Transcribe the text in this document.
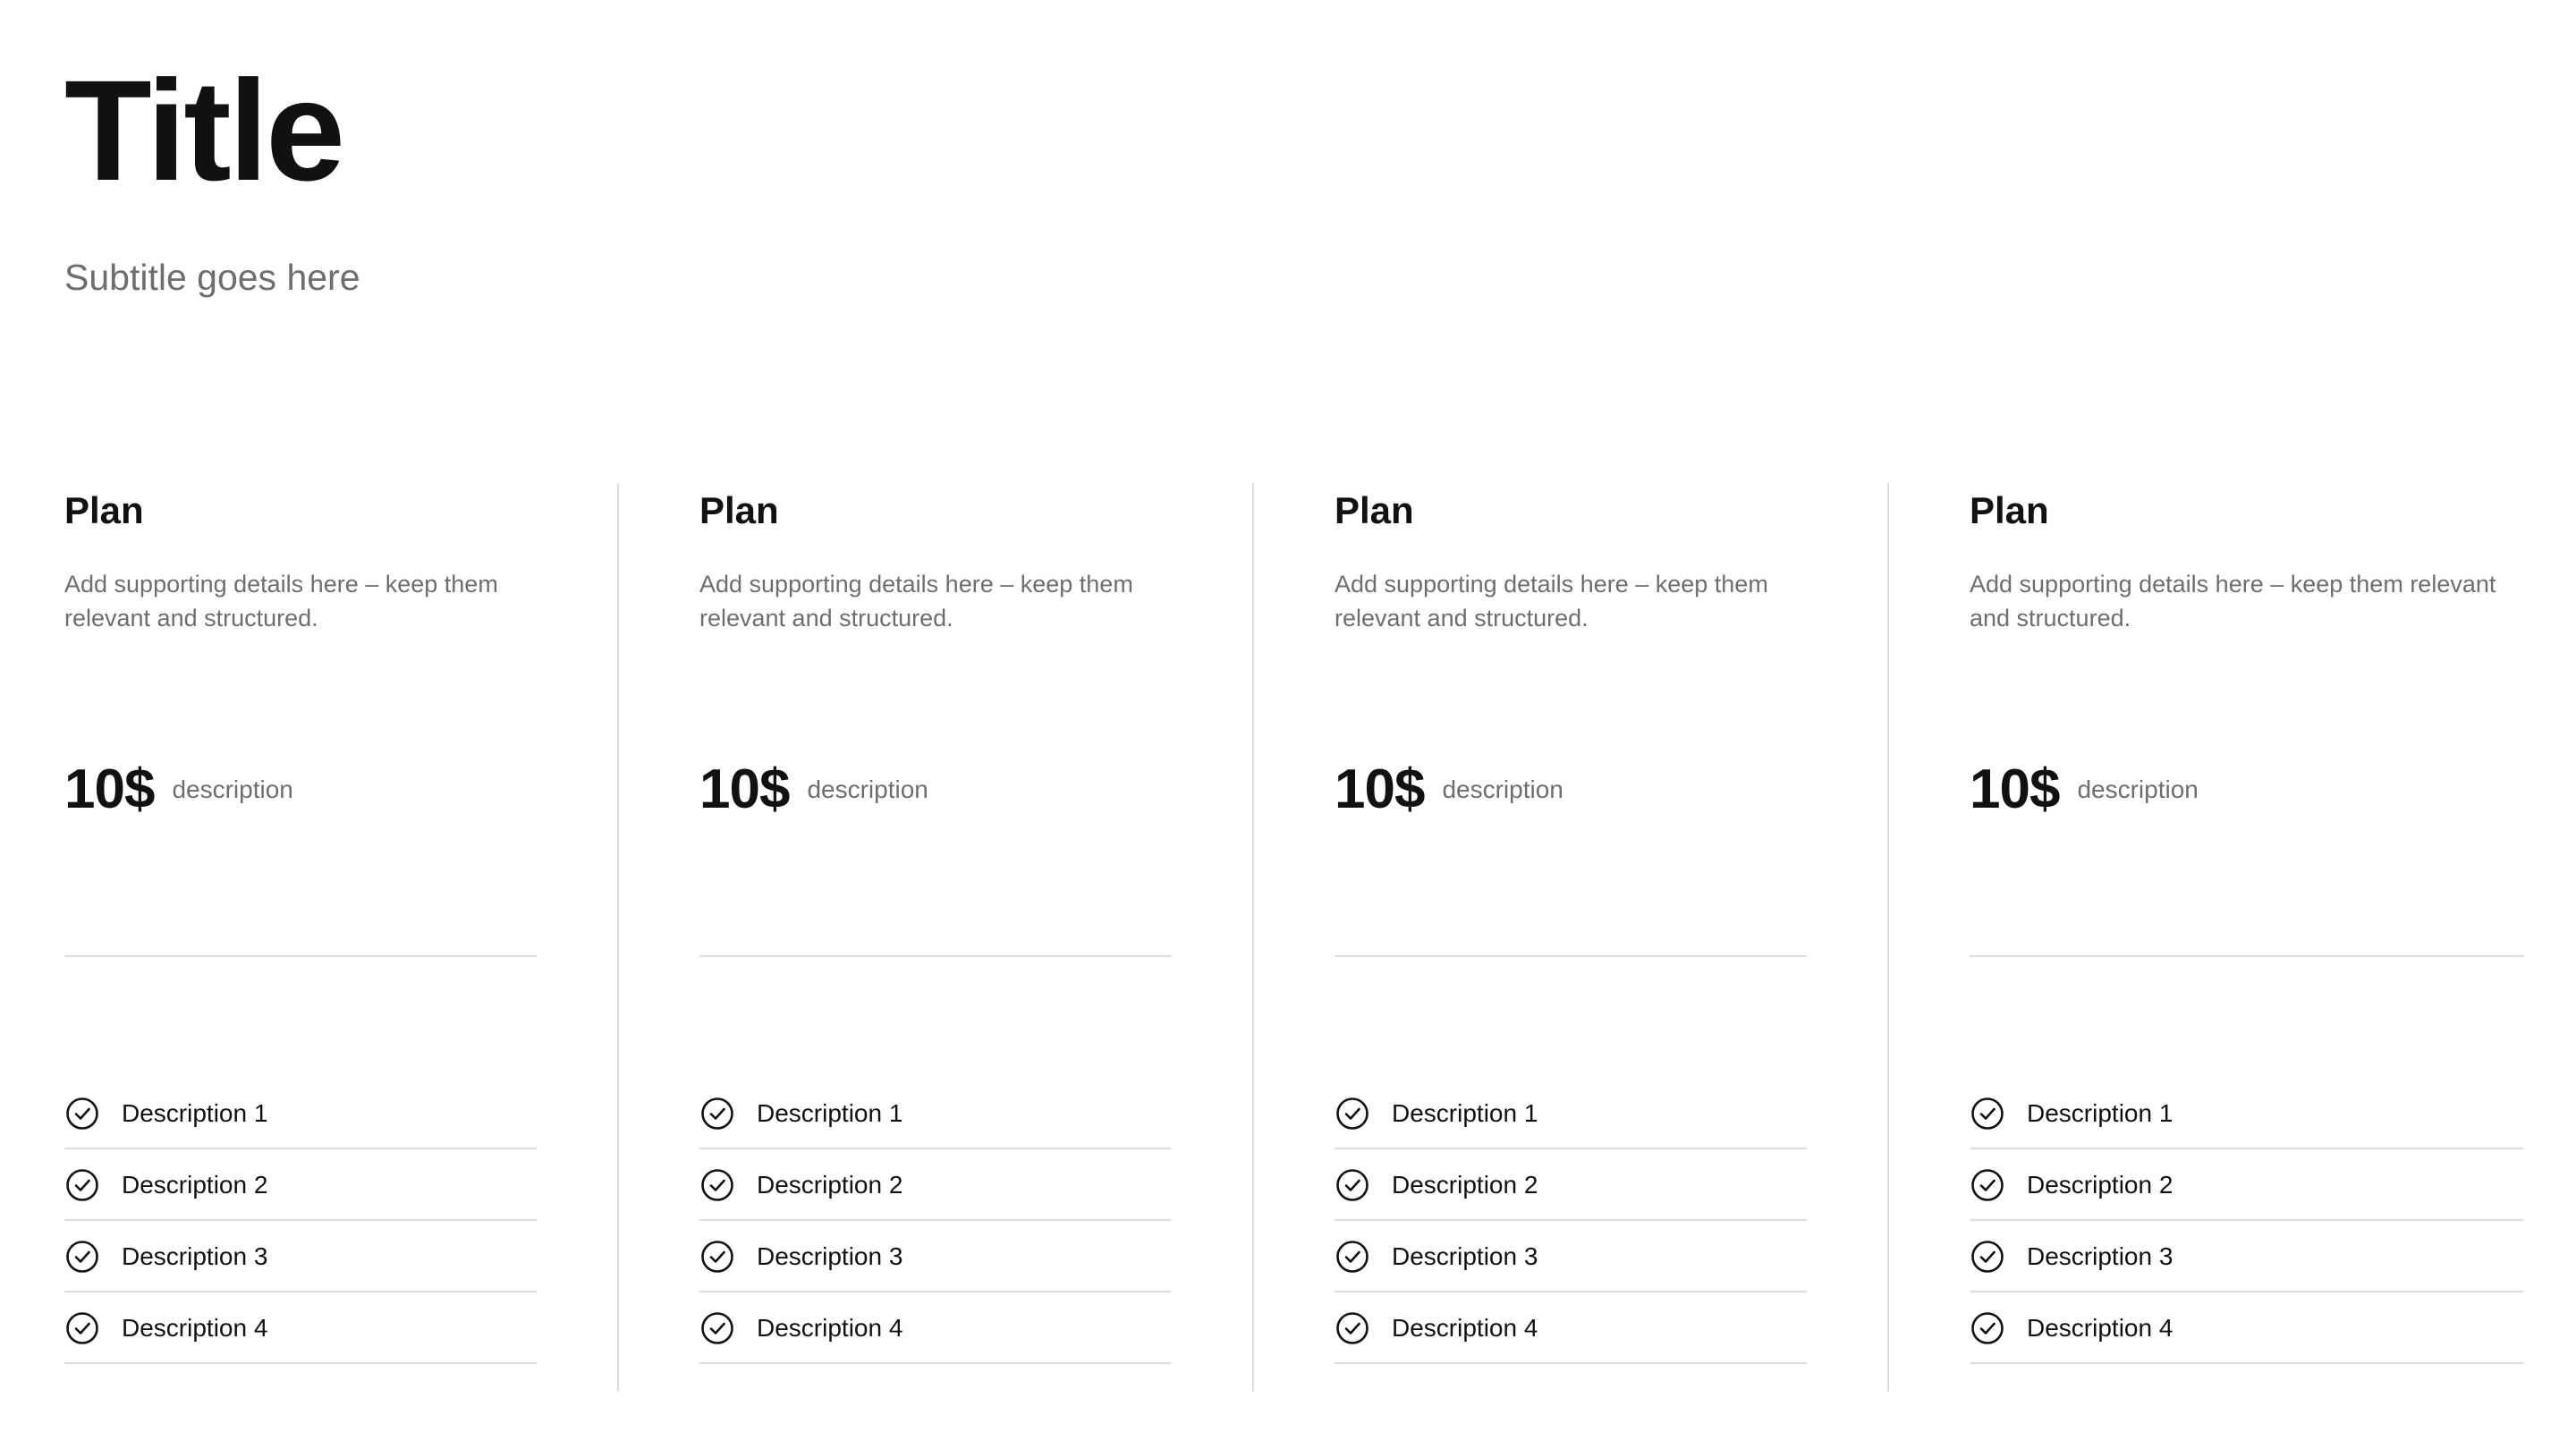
Title
Subtitle goes here
Plan
Add supporting details here – keep them relevant and structured.
10$ description
Description 1
Description 2
Description 3
Description 4
Plan
Add supporting details here – keep them relevant and structured.
10$ description
Description 1
Description 2
Description 3
Description 4
Plan
Add supporting details here – keep them relevant and structured.
10$ description
Description 1
Description 2
Description 3
Description 4
Plan
Add supporting details here – keep them relevant and structured.
10$ description
Description 1
Description 2
Description 3
Description 4
